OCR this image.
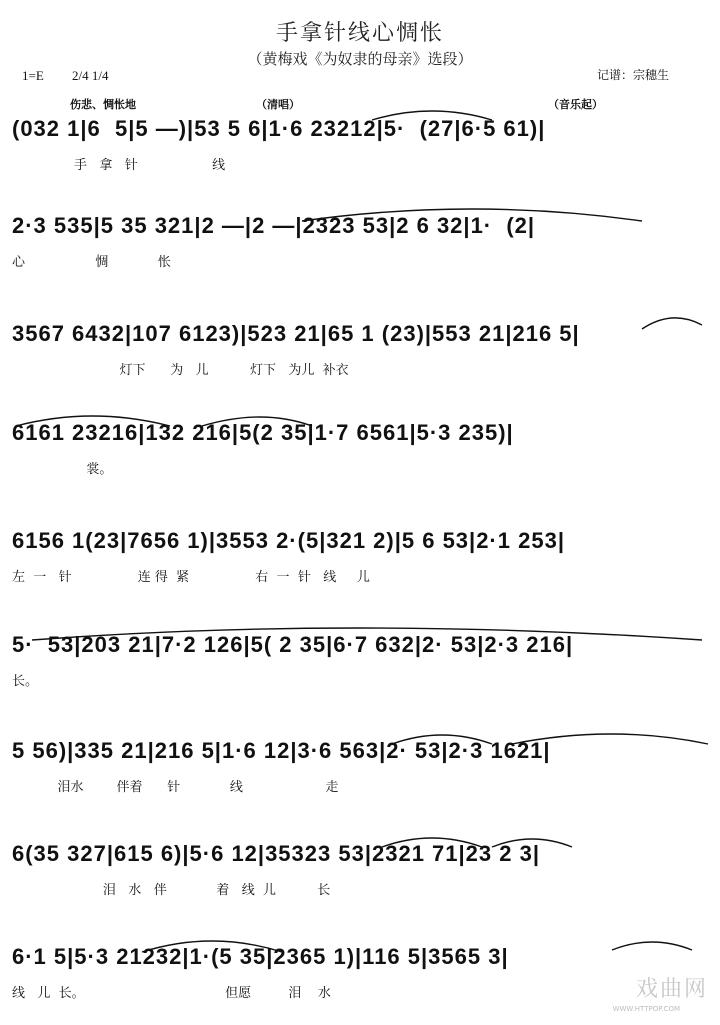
手拿针线心惆怅
（黄梅戏《为奴隶的母亲》选段）
1=E 2/4 1/4	记谱：宗穗生
伤悲、惆怅地	（清唱）	（音乐起）
(032 1|6  5|5 —)|53 5 6|1·6 23212|5·  (27|6·5 61)|
手   拿   针                  线
2·3 535|5 35 321|2 —|2 —|2323 53|2 6 32|1·  (2|
心                 惆            怅
3567 6432|107 6123)|523 21|65 1 (23)|553 21|216 5|
灯下      为   儿          灯下   为儿  补衣
6161 23216|132 216|5(2 35|1·7 6561|5·3 235)|
裳。
6156 1(23|7656 1)|3553 2·(5|321 2)|5 6 53|2·1 253|
左  一   针                连 得  紧                右  一  针   线     儿
5·  53|203 21|7·2 126|5( 2 35|6·7 632|2· 53|2·3 216|
长。
5 56)|335 21|216 5|1·6 12|3·6 563|2· 53|2·3 1621|
泪水        伴着      针            线                    走
6(35 327|615 6)|5·6 12|35323 53|2321 71|23 2 3|
泪   水   伴            着   线  儿          长
6·1 5|5·3 21232|1·(5 35|2365 1)|116 5|3565 3|
线   儿  长。                                  但愿         泪    水	戏曲网
WWW.HTTPOP.COM
